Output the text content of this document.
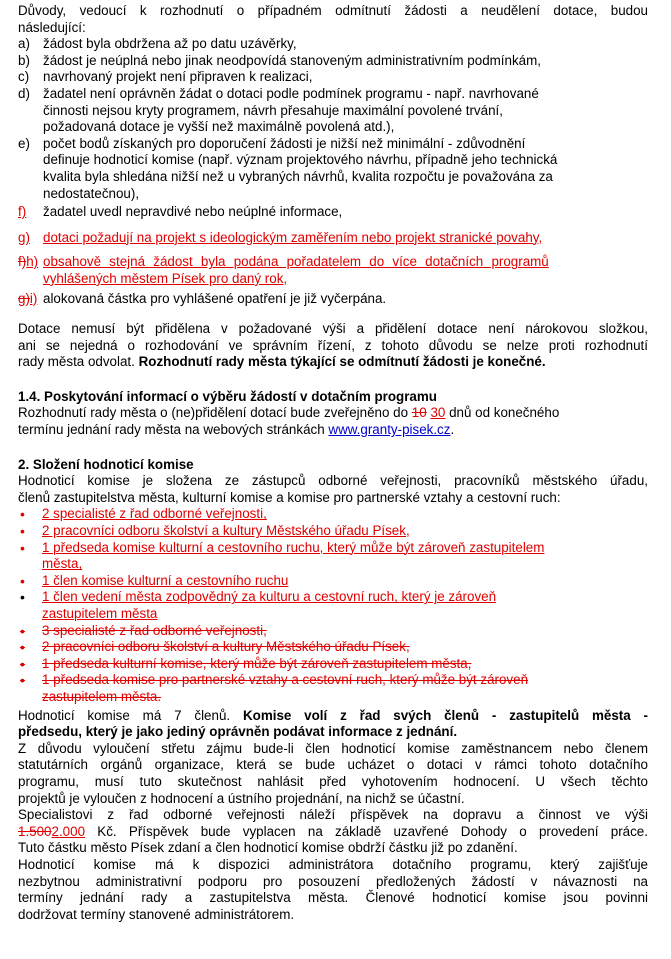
Důvody, vedoucí k rozhodnutí o případném odmítnutí žádosti a neudělení dotace, budou
následující:
a) žádost byla obdržena až po datu uzávěrky,
b) žádost je neúplná nebo jinak neodpovídá stanoveným administrativním podmínkám,
c) navrhovaný projekt není připraven k realizaci,
d) žadatel není oprávněn žádat o dotaci podle podmínek programu - např. navrhované
činnosti nejsou kryty programem, návrh přesahuje maximální povolené trvání,
požadovaná dotace je vyšší než maximálně povolená atd.),
e) počet bodů získaných pro doporučení žádosti je nižší než minimální - zdůvodnění
definuje hodnoticí komise (např. význam projektového návrhu, případně jeho technická
kvalita byla shledána nižší než u vybraných návrhů, kvalita rozpočtu je považována za
nedostatečnou),
f) žadatel uvedl nepravdivé nebo neúplné informace,
g) dotaci požadují na projekt s ideologickým zaměřením nebo projekt stranické povahy,
f)h) obsahově stejná žádost byla podána pořadatelem do více dotačních programů
vyhlášených městem Písek pro daný rok,
g)i) alokovaná částka pro vyhlášené opatření je již vyčerpána.
Dotace nemusí být přidělena v požadované výši a přidělení dotace není nárokovou složkou,
ani se nejedná o rozhodování ve správním řízení, z tohoto důvodu se nelze proti rozhodnutí
rady města odvolat. Rozhodnutí rady města týkající se odmítnutí žádosti je konečné.
1.4. Poskytování informací o výběru žádostí v dotačním programu
Rozhodnutí rady města o (ne)přidělení dotací bude zveřejněno do 10 30 dnů od konečného
termínu jednání rady města na webových stránkách www.granty-pisek.cz.
2. Složení hodnoticí komise
Hodnoticí komise je složena ze zástupců odborné veřejnosti, pracovníků městského úřadu,
členů zastupitelstva města, kulturní komise a komise pro partnerské vztahy a cestovní ruch:
•	2 specialisté z řad odborné veřejnosti,
•	2 pracovníci odboru školství a kultury Městského úřadu Písek,
•	1 předseda komise kulturní a cestovního ruchu, který může být zároveň zastupitelem
města,
•	1 člen komise kulturní a cestovního ruchu
•	1 člen vedení města zodpovědný za kulturu a cestovní ruch, který je zároveň
zastupitelem města
•	3 specialisté z řad odborné veřejnosti,
•	2 pracovníci odboru školství a kultury Městského úřadu Písek,
•	1 předseda kulturní komise, který může být zároveň zastupitelem města,
•	1 předseda komise pro partnerské vztahy a cestovní ruch, který může být zároveň
zastupitelem města.
Hodnoticí komise má 7 členů. Komise volí z řad svých členů - zastupitelů města -
předsedu, který je jako jediný oprávněn podávat informace z jednání.
Z důvodu vyloučení střetu zájmu bude-li člen hodnoticí komise zaměstnancem nebo členem
statutárních orgánů organizace, která se bude ucházet o dotaci v rámci tohoto dotačního
programu, musí tuto skutečnost nahlásit před vyhotovením hodnocení. U všech těchto
projektů je vyloučen z hodnocení a ústního projednání, na nichž se účastní.
Specialistovi z řad odborné veřejnosti náleží příspěvek na dopravu a činnost ve výši
1.5002.000 Kč. Příspěvek bude vyplacen na základě uzavřené Dohody o provedení práce.
Tuto částku město Písek zdaní a člen hodnoticí komise obdrží částku již po zdanění.
Hodnoticí komise má k dispozici administrátora dotačního programu, který zajišťuje
nezbytnou administrativní podporu pro posouzení předložených žádostí v návaznosti na
termíny jednání rady a zastupitelstva města. Členové hodnoticí komise jsou povinni
dodržovat termíny stanovené administrátorem.
